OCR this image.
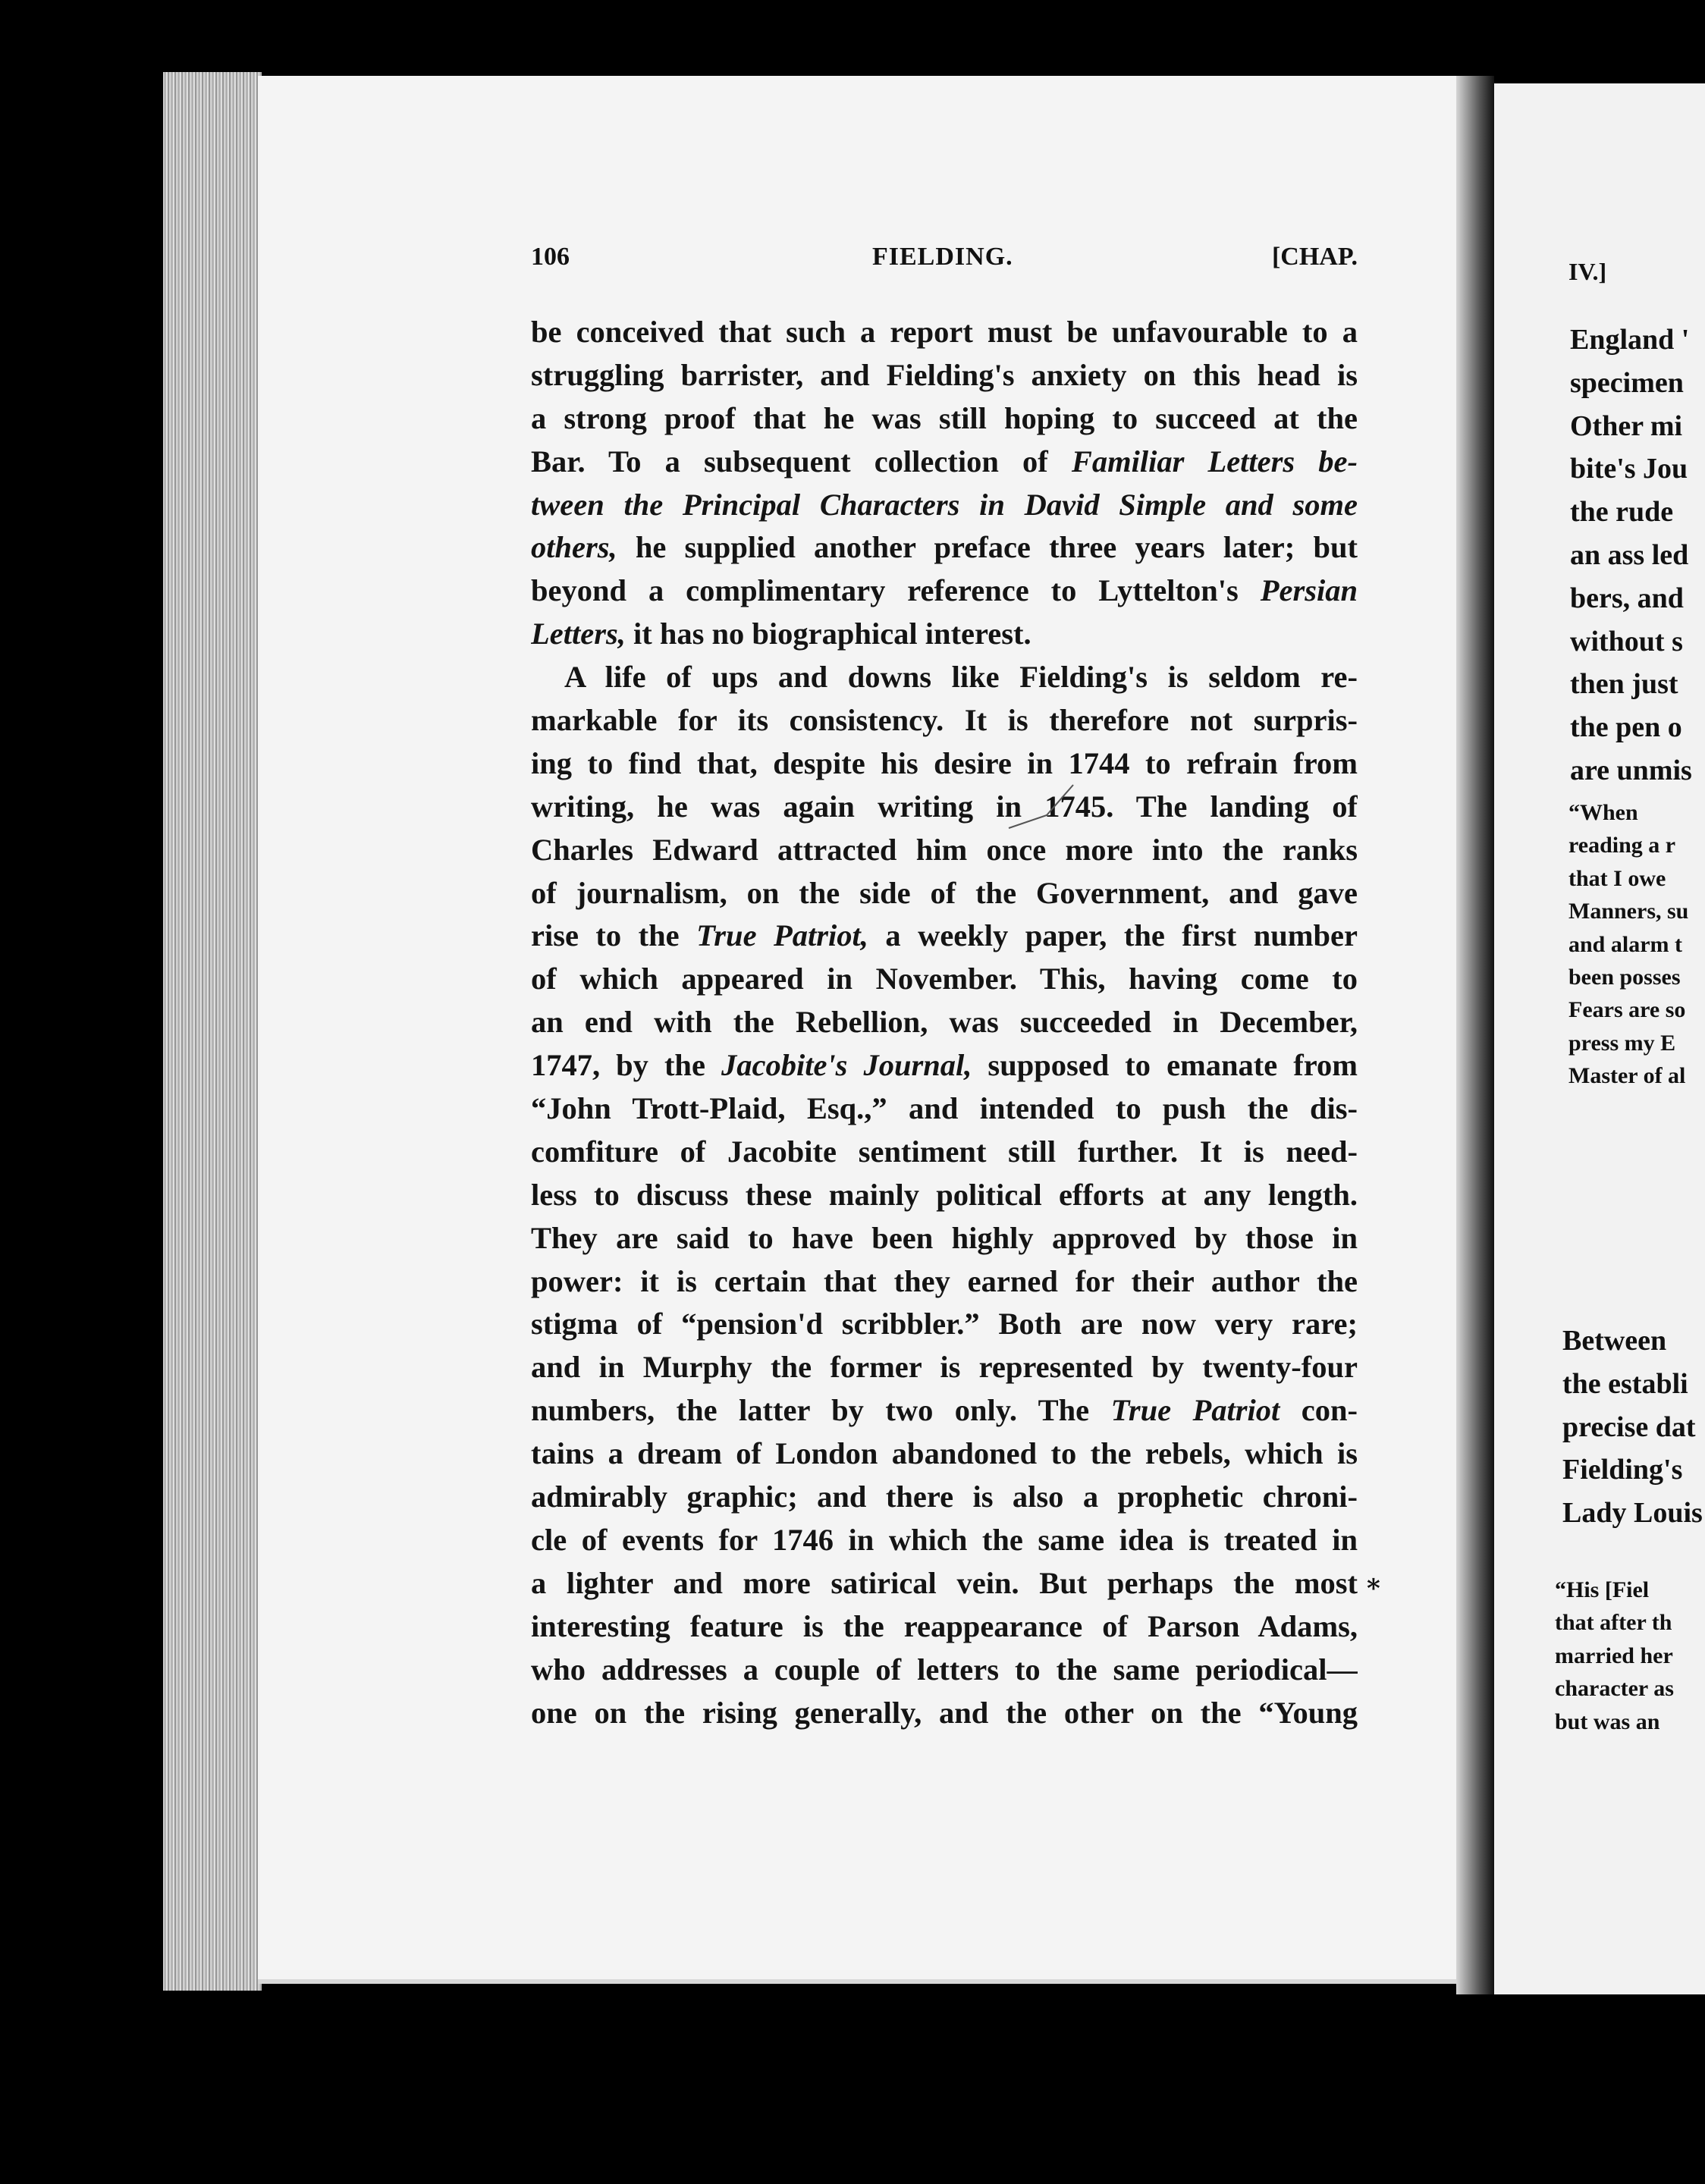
106	FIELDING.	[CHAP.
be conceived that such a report must be unfavourable to a
struggling barrister, and Fielding's anxiety on this head is
a strong proof that he was still hoping to succeed at the
Bar. To a subsequent collection of Familiar Letters be-
tween the Principal Characters in David Simple and some
others, he supplied another preface three years later; but
beyond a complimentary reference to Lyttelton's Persian
Letters, it has no biographical interest.
A life of ups and downs like Fielding's is seldom re-
markable for its consistency. It is therefore not surpris-
ing to find that, despite his desire in 1744 to refrain from
writing, he was again writing in 1745. The landing of
Charles Edward attracted him once more into the ranks
of journalism, on the side of the Government, and gave
rise to the True Patriot, a weekly paper, the first number
of which appeared in November. This, having come to
an end with the Rebellion, was succeeded in December,
1747, by the Jacobite's Journal, supposed to emanate from
“John Trott-Plaid, Esq.,” and intended to push the dis-
comfiture of Jacobite sentiment still further. It is need-
less to discuss these mainly political efforts at any length.
They are said to have been highly approved by those in
power: it is certain that they earned for their author the
stigma of “pension'd scribbler.” Both are now very rare;
and in Murphy the former is represented by twenty-four
numbers, the latter by two only. The True Patriot con-
tains a dream of London abandoned to the rebels, which is
admirably graphic; and there is also a prophetic chroni-
cle of events for 1746 in which the same idea is treated in
a lighter and more satirical vein. But perhaps the most
interesting feature is the reappearance of Parson Adams,
who addresses a couple of letters to the same periodical—
one on the rising generally, and the other on the “Young
*
IV.]
England '
specimen
Other mi
bite's Jou
the rude
an ass led
bers, and
without s
then just
the pen o
are unmis
“When
reading a r
that I owe
Manners, su
and alarm t
been posses
Fears are so
press my E
Master of al
Between
the establi
precise dat
Fielding's
Lady Louis
“His [Fiel
that after th
married her
character as
but was an
